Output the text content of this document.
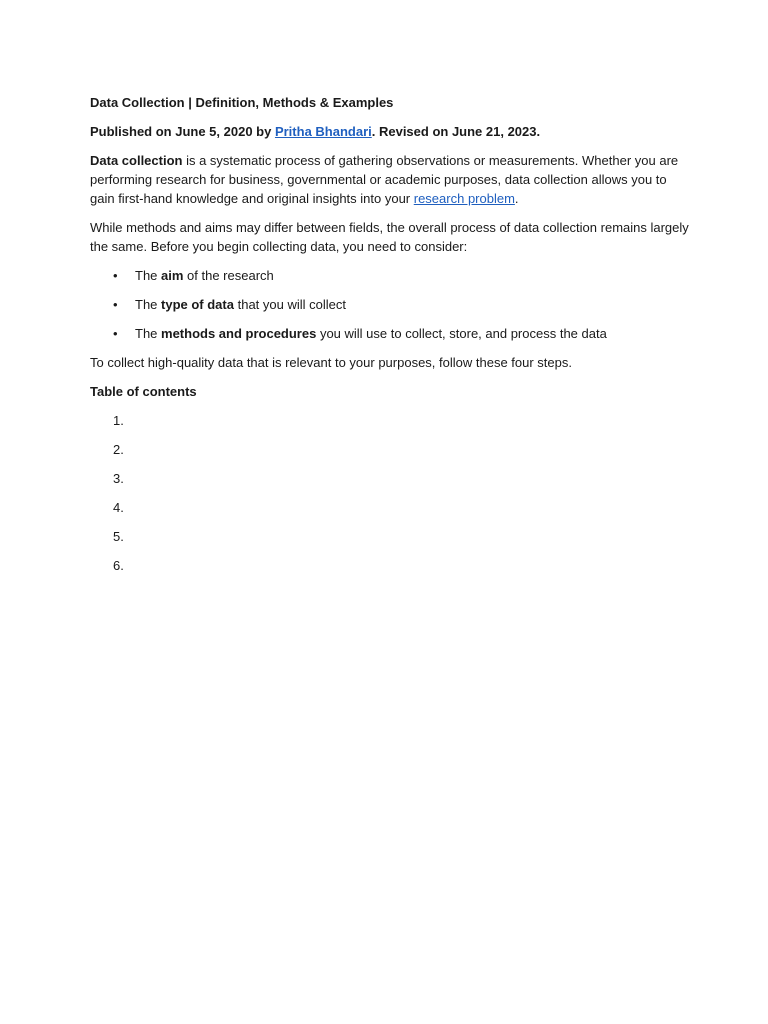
Data Collection | Definition, Methods & Examples

Published on June 5, 2020 by Pritha Bhandari. Revised on June 21, 2023.

Data collection is a systematic process of gathering observations or measurements. Whether you are performing research for business, governmental or academic purposes, data collection allows you to gain first-hand knowledge and original insights into your research problem.

While methods and aims may differ between fields, the overall process of data collection remains largely the same. Before you begin collecting data, you need to consider:

• The aim of the research
• The type of data that you will collect
• The methods and procedures you will use to collect, store, and process the data

To collect high-quality data that is relevant to your purposes, follow these four steps.

Table of contents

1.
2.
3.
4.
5.
6.
